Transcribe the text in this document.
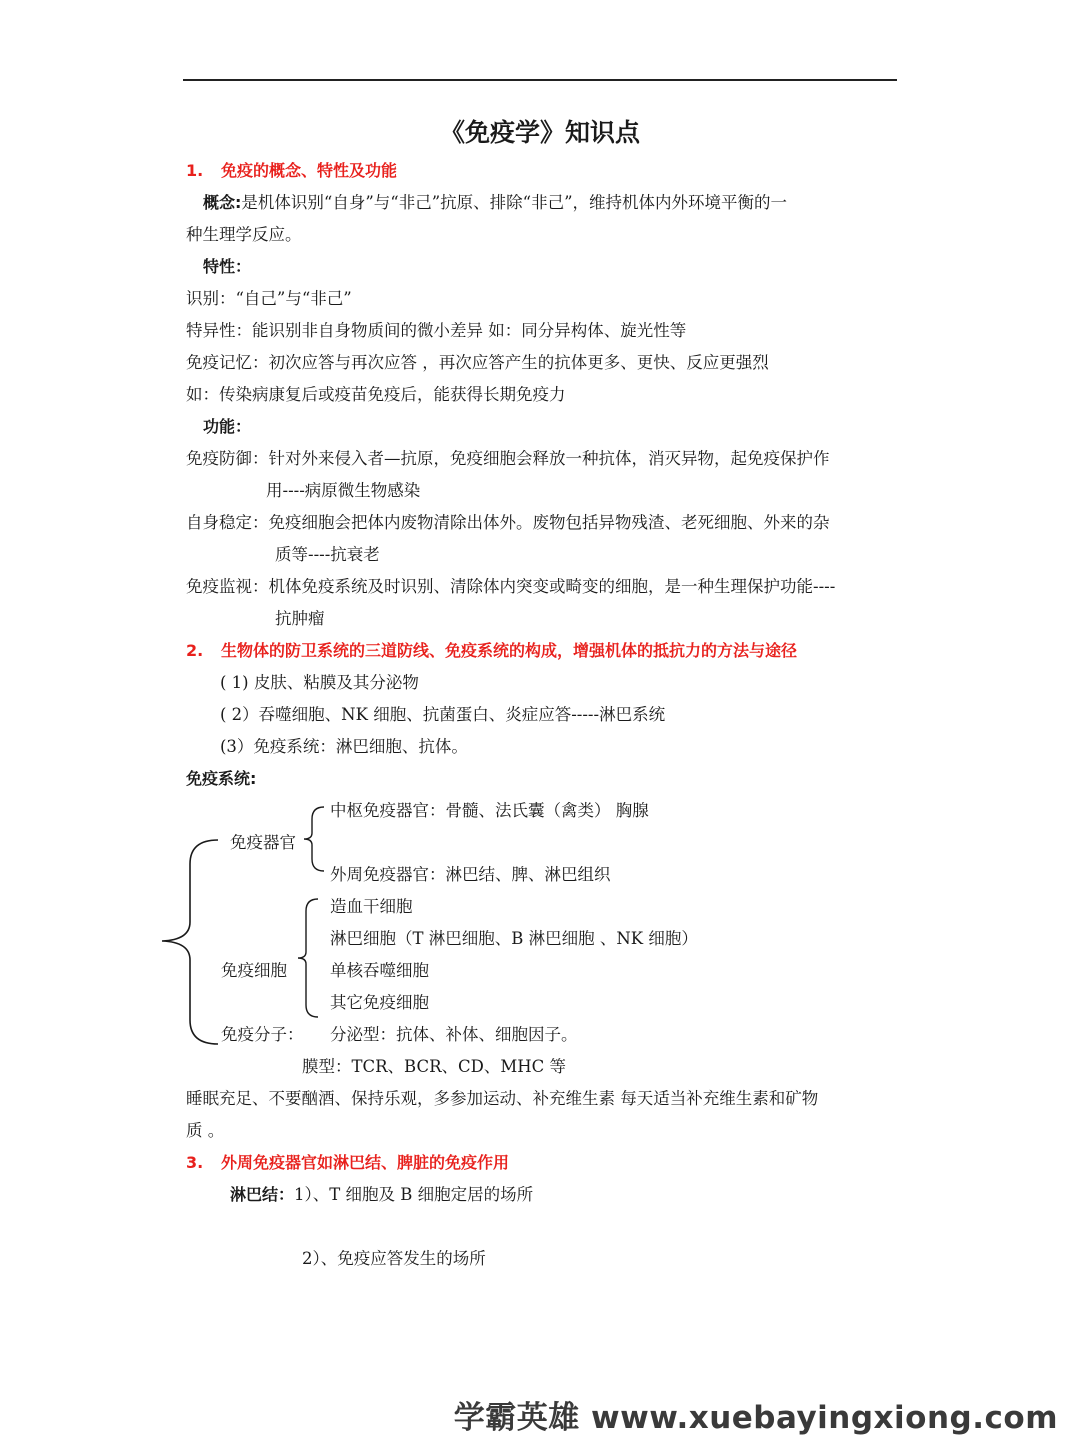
《免疫学》知识点
1. 免疫的概念、特性及功能
概念:是机体识别“自身”与“非己”抗原、排除“非己”，维持机体内外环境平衡的一
种生理学反应。
特性：
识别：“自己”与“非己”
特异性：能识别非自身物质间的微小差异 如：同分异构体、旋光性等
免疫记忆：初次应答与再次应答 ，再次应答产生的抗体更多、更快、反应更强烈
如：传染病康复后或疫苗免疫后，能获得长期免疫力
功能：
免疫防御：针对外来侵入者—抗原，免疫细胞会释放一种抗体，消灭异物，起免疫保护作
用----病原微生物感染
自身稳定：免疫细胞会把体内废物清除出体外。废物包括异物残渣、老死细胞、外来的杂
质等----抗衰老
免疫监视：机体免疫系统及时识别、清除体内突变或畸变的细胞，是一种生理保护功能----
抗肿瘤
2. 生物体的防卫系统的三道防线、免疫系统的构成，增强机体的抵抗力的方法与途径
( 1) 皮肤、粘膜及其分泌物
( 2）吞噬细胞、NK 细胞、抗菌蛋白、炎症应答-----淋巴系统
(3）免疫系统：淋巴细胞、抗体。
免疫系统:
免疫器官
中枢免疫器官：骨髓、法氏囊（禽类） 胸腺
外周免疫器官：淋巴结、脾、淋巴组织
免疫细胞
造血干细胞
淋巴细胞（T 淋巴细胞、B 淋巴细胞 、NK 细胞）
单核吞噬细胞
其它免疫细胞
免疫分子： 分泌型：抗体、补体、细胞因子。
膜型：TCR、BCR、CD、MHC 等
睡眠充足、不要酗酒、保持乐观，多参加运动、补充维生素 每天适当补充维生素和矿物
质 。
3. 外周免疫器官如淋巴结、脾脏的免疫作用
淋巴结：1）、T 细胞及 B 细胞定居的场所
2）、免疫应答发生的场所
学霸英雄 www.xuebayingxiong.com
